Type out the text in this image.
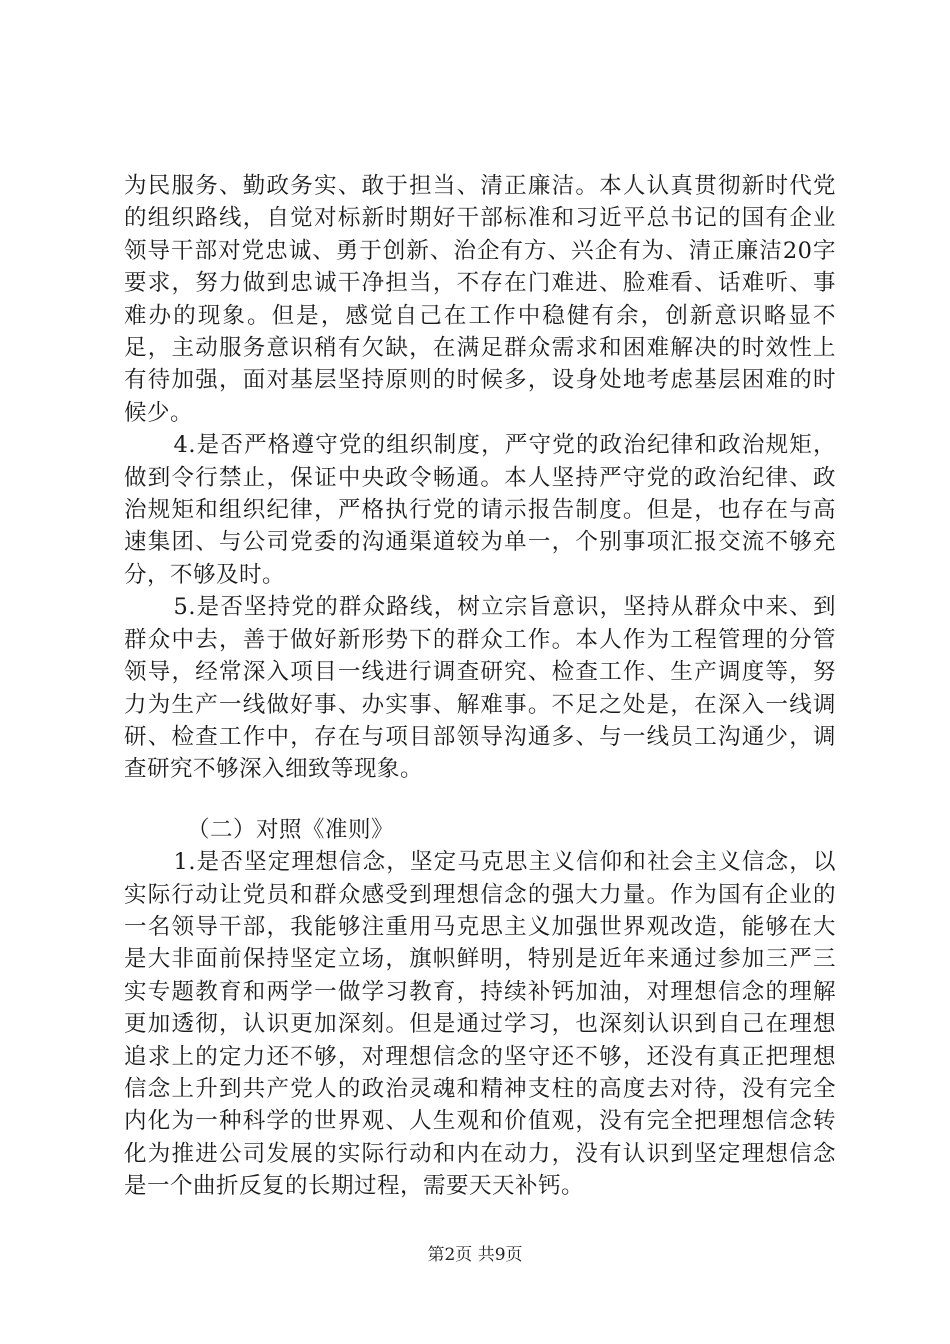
为民服务、勤政务实、敢于担当、清正廉洁。本人认真贯彻新时代党的组织路线，自觉对标新时期好干部标准和习近平总书记的国有企业领导干部对党忠诚、勇于创新、治企有方、兴企有为、清正廉洁20字要求，努力做到忠诚干净担当，不存在门难进、脸难看、话难听、事难办的现象。但是，感觉自己在工作中稳健有余，创新意识略显不足，主动服务意识稍有欠缺，在满足群众需求和困难解决的时效性上有待加强，面对基层坚持原则的时候多，设身处地考虑基层困难的时候少。

4.是否严格遵守党的组织制度，严守党的政治纪律和政治规矩，做到令行禁止，保证中央政令畅通。本人坚持严守党的政治纪律、政治规矩和组织纪律，严格执行党的请示报告制度。但是，也存在与高速集团、与公司党委的沟通渠道较为单一，个别事项汇报交流不够充分，不够及时。

5.是否坚持党的群众路线，树立宗旨意识，坚持从群众中来、到群众中去，善于做好新形势下的群众工作。本人作为工程管理的分管领导，经常深入项目一线进行调查研究、检查工作、生产调度等，努力为生产一线做好事、办实事、解难事。不足之处是，在深入一线调研、检查工作中，存在与项目部领导沟通多、与一线员工沟通少，调查研究不够深入细致等现象。

（二）对照《准则》

1.是否坚定理想信念，坚定马克思主义信仰和社会主义信念，以实际行动让党员和群众感受到理想信念的强大力量。作为国有企业的一名领导干部，我能够注重用马克思主义加强世界观改造，能够在大是大非面前保持坚定立场，旗帜鲜明，特别是近年来通过参加三严三实专题教育和两学一做学习教育，持续补钙加油，对理想信念的理解更加透彻，认识更加深刻。但是通过学习，也深刻认识到自己在理想追求上的定力还不够，对理想信念的坚守还不够，还没有真正把理想信念上升到共产党人的政治灵魂和精神支柱的高度去对待，没有完全内化为一种科学的世界观、人生观和价值观，没有完全把理想信念转化为推进公司发展的实际行动和内在动力，没有认识到坚定理想信念是一个曲折反复的长期过程，需要天天补钙。

第2页 共9页
